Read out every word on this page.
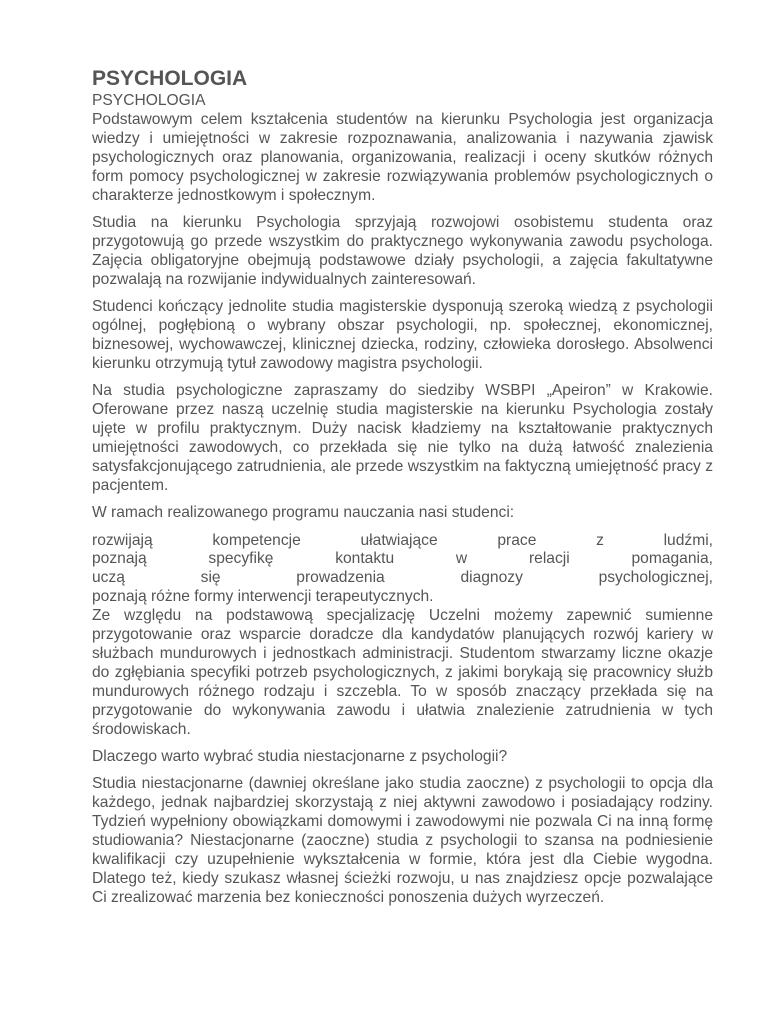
PSYCHOLOGIA
PSYCHOLOGIA

Podstawowym celem kształcenia studentów na kierunku Psychologia jest organizacja wiedzy i umiejętności w zakresie rozpoznawania, analizowania i nazywania zjawisk psychologicznych oraz planowania, organizowania, realizacji i oceny skutków różnych form pomocy psychologicznej w zakresie rozwiązywania problemów psychologicznych o charakterze jednostkowym i społecznym.

Studia na kierunku Psychologia sprzyjają rozwojowi osobistemu studenta oraz przygotowują go przede wszystkim do praktycznego wykonywania zawodu psychologa. Zajęcia obligatoryjne obejmują podstawowe działy psychologii, a zajęcia fakultatywne pozwalają na rozwijanie indywidualnych zainteresowań.

Studenci kończący jednolite studia magisterskie dysponują szeroką wiedzą z psychologii ogólnej, pogłębioną o wybrany obszar psychologii, np. społecznej, ekonomicznej, biznesowej, wychowawczej, klinicznej dziecka, rodziny, człowieka dorosłego. Absolwenci kierunku otrzymują tytuł zawodowy magistra psychologii.

Na studia psychologiczne zapraszamy do siedziby WSBPI „Apeiron” w Krakowie. Oferowane przez naszą uczelnię studia magisterskie na kierunku Psychologia zostały ujęte w profilu praktycznym. Duży nacisk kładziemy na kształtowanie praktycznych umiejętności zawodowych, co przekłada się nie tylko na dużą łatwość znalezienia satysfakcjonującego zatrudnienia, ale przede wszystkim na faktyczną umiejętność pracy z pacjentem.

W ramach realizowanego programu nauczania nasi studenci:

rozwijają kompetencje ułatwiające prace z ludźmi,
poznają specyfikę kontaktu w relacji pomagania,
uczą się prowadzenia diagnozy psychologicznej,
poznają różne formy interwencji terapeutycznych.

Ze względu na podstawową specjalizację Uczelni możemy zapewnić sumienne przygotowanie oraz wsparcie doradcze dla kandydatów planujących rozwój kariery w służbach mundurowych i jednostkach administracji. Studentom stwarzamy liczne okazje do zgłębiania specyfiki potrzeb psychologicznych, z jakimi borykają się pracownicy służb mundurowych różnego rodzaju i szczebla. To w sposób znaczący przekłada się na przygotowanie do wykonywania zawodu i ułatwia znalezienie zatrudnienia w tych środowiskach.

Dlaczego warto wybrać studia niestacjonarne z psychologii?

Studia niestacjonarne (dawniej określane jako studia zaoczne) z psychologii to opcja dla każdego, jednak najbardziej skorzystają z niej aktywni zawodowo i posiadający rodziny. Tydzień wypełniony obowiązkami domowymi i zawodowymi nie pozwala Ci na inną formę studiowania? Niestacjonarne (zaoczne) studia z psychologii to szansa na podniesienie kwalifikacji czy uzupełnienie wykształcenia w formie, która jest dla Ciebie wygodna. Dlatego też, kiedy szukasz własnej ścieżki rozwoju, u nas znajdziesz opcje pozwalające Ci zrealizować marzenia bez konieczności ponoszenia dużych wyrzeczeń.
